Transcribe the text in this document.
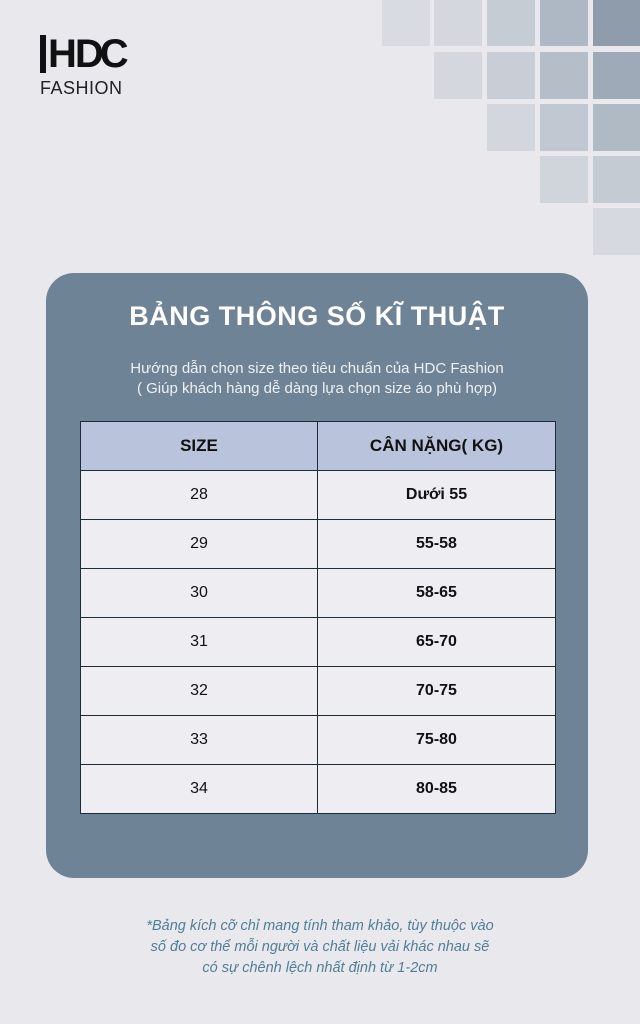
H DC
FASHION
BẢNG THÔNG SỐ KĨ THUẬT
Hướng dẫn chọn size theo tiêu chuẩn của HDC Fashion
( Giúp khách hàng dễ dàng lựa chọn size áo phù hợp)
SIZE	CÂN NẶNG( KG)
28	Dưới 55
29	55-58
30	58-65
31	65-70
32	70-75
33	75-80
34	80-85
*Bảng kích cỡ chỉ mang tính tham khảo, tùy thuộc vào
số đo cơ thể mỗi người và chất liệu vải khác nhau sẽ
có sự chênh lệch nhất định từ 1-2cm
